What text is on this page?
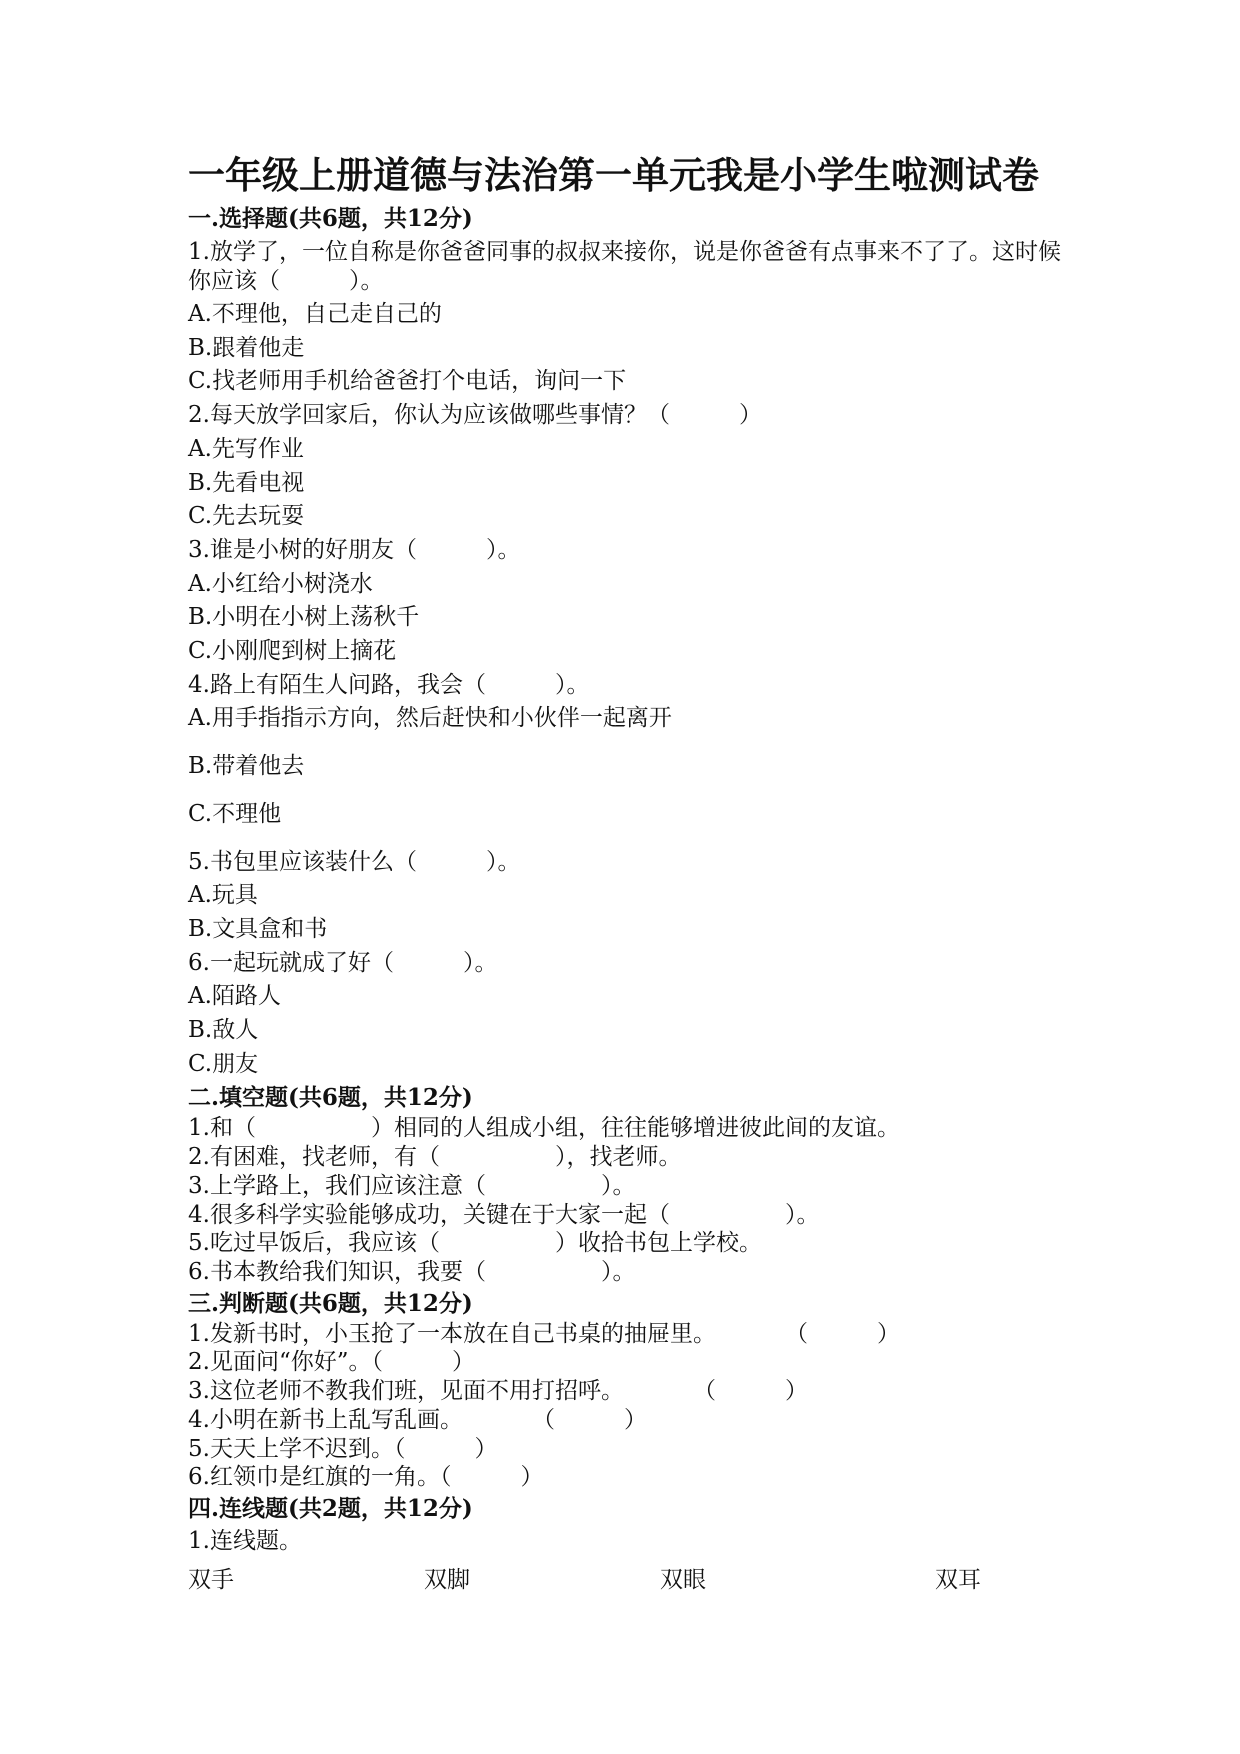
一年级上册道德与法治第一单元我是小学生啦测试卷
一.选择题(共6题，共12分)
1.放学了，一位自称是你爸爸同事的叔叔来接你，说是你爸爸有点事来不了了。这时候你应该（　　　）。
A.不理他，自己走自己的
B.跟着他走
C.找老师用手机给爸爸打个电话，询问一下
2.每天放学回家后，你认为应该做哪些事情？（　　　）
A.先写作业
B.先看电视
C.先去玩耍
3.谁是小树的好朋友（　　　）。
A.小红给小树浇水
B.小明在小树上荡秋千
C.小刚爬到树上摘花
4.路上有陌生人问路，我会（　　　）。
A.用手指指示方向，然后赶快和小伙伴一起离开
B.带着他去
C.不理他
5.书包里应该装什么（　　　）。
A.玩具
B.文具盒和书
6.一起玩就成了好（　　　）。
A.陌路人
B.敌人
C.朋友
二.填空题(共6题，共12分)
1.和（　　　　　）相同的人组成小组，往往能够增进彼此间的友谊。
2.有困难，找老师，有（　　　　　），找老师。
3.上学路上，我们应该注意（　　　　　）。
4.很多科学实验能够成功，关键在于大家一起（　　　　　）。
5.吃过早饭后，我应该（　　　　　）收拾书包上学校。
6.书本教给我们知识，我要（　　　　　）。
三.判断题(共6题，共12分)
1.发新书时，小玉抢了一本放在自己书桌的抽屉里。　　　　（　　　）
2.见面问“你好”。（　　　）
3.这位老师不教我们班，见面不用打招呼。　　　　（　　　）
4.小明在新书上乱写乱画。　　　　（　　　）
5.天天上学不迟到。（　　　）
6.红领巾是红旗的一角。（　　　）
四.连线题(共2题，共12分)
1.连线题。
双手	双脚	双眼	双耳
